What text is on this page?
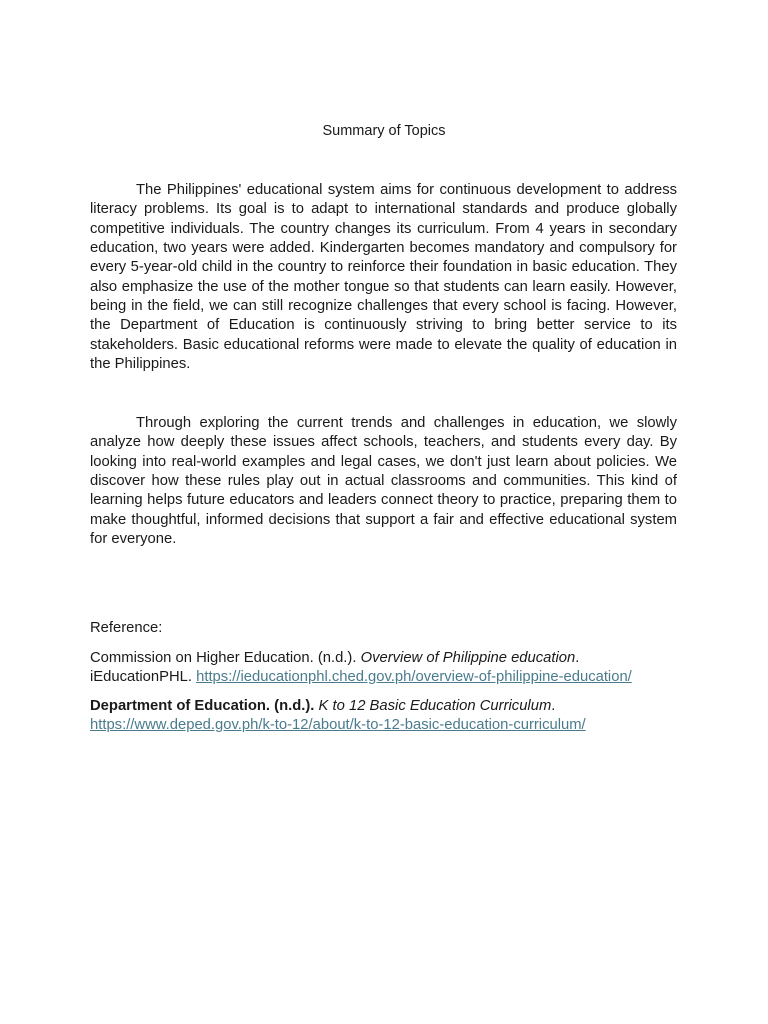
Summary of Topics

The Philippines' educational system aims for continuous development to address literacy problems. Its goal is to adapt to international standards and produce globally competitive individuals. The country changes its curriculum. From 4 years in secondary education, two years were added. Kindergarten becomes mandatory and compulsory for every 5-year-old child in the country to reinforce their foundation in basic education. They also emphasize the use of the mother tongue so that students can learn easily. However, being in the field, we can still recognize challenges that every school is facing. However, the Department of Education is continuously striving to bring better service to its stakeholders. Basic educational reforms were made to elevate the quality of education in the Philippines.

Through exploring the current trends and challenges in education, we slowly analyze how deeply these issues affect schools, teachers, and students every day. By looking into real-world examples and legal cases, we don't just learn about policies. We discover how these rules play out in actual classrooms and communities. This kind of learning helps future educators and leaders connect theory to practice, preparing them to make thoughtful, informed decisions that support a fair and effective educational system for everyone.

Reference:

Commission on Higher Education. (n.d.). Overview of Philippine education.
iEducationPHL. https://ieducationphl.ched.gov.ph/overview-of-philippine-education/

Department of Education. (n.d.). K to 12 Basic Education Curriculum.
https://www.deped.gov.ph/k-to-12/about/k-to-12-basic-education-curriculum/
